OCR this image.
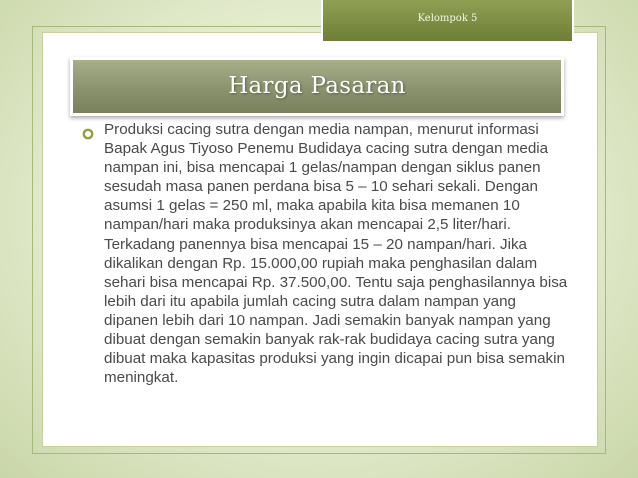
Kelompok 5
Harga Pasaran

Produksi cacing sutra dengan media nampan, menurut informasi Bapak Agus Tiyoso Penemu Budidaya cacing sutra dengan media nampan ini, bisa mencapai 1 gelas/nampan dengan siklus panen sesudah masa panen perdana bisa 5 – 10 sehari sekali. Dengan asumsi 1 gelas = 250 ml, maka apabila kita bisa memanen 10 nampan/hari maka produksinya akan mencapai 2,5 liter/hari. Terkadang panennya bisa mencapai 15 – 20 nampan/hari. Jika dikalikan dengan Rp. 15.000,00 rupiah maka penghasilan dalam sehari bisa mencapai Rp. 37.500,00. Tentu saja penghasilannya bisa lebih dari itu apabila jumlah cacing sutra dalam nampan yang dipanen lebih dari 10 nampan. Jadi semakin banyak nampan yang dibuat dengan semakin banyak rak-rak budidaya cacing sutra yang dibuat maka kapasitas produksi yang ingin dicapai pun bisa semakin meningkat.
